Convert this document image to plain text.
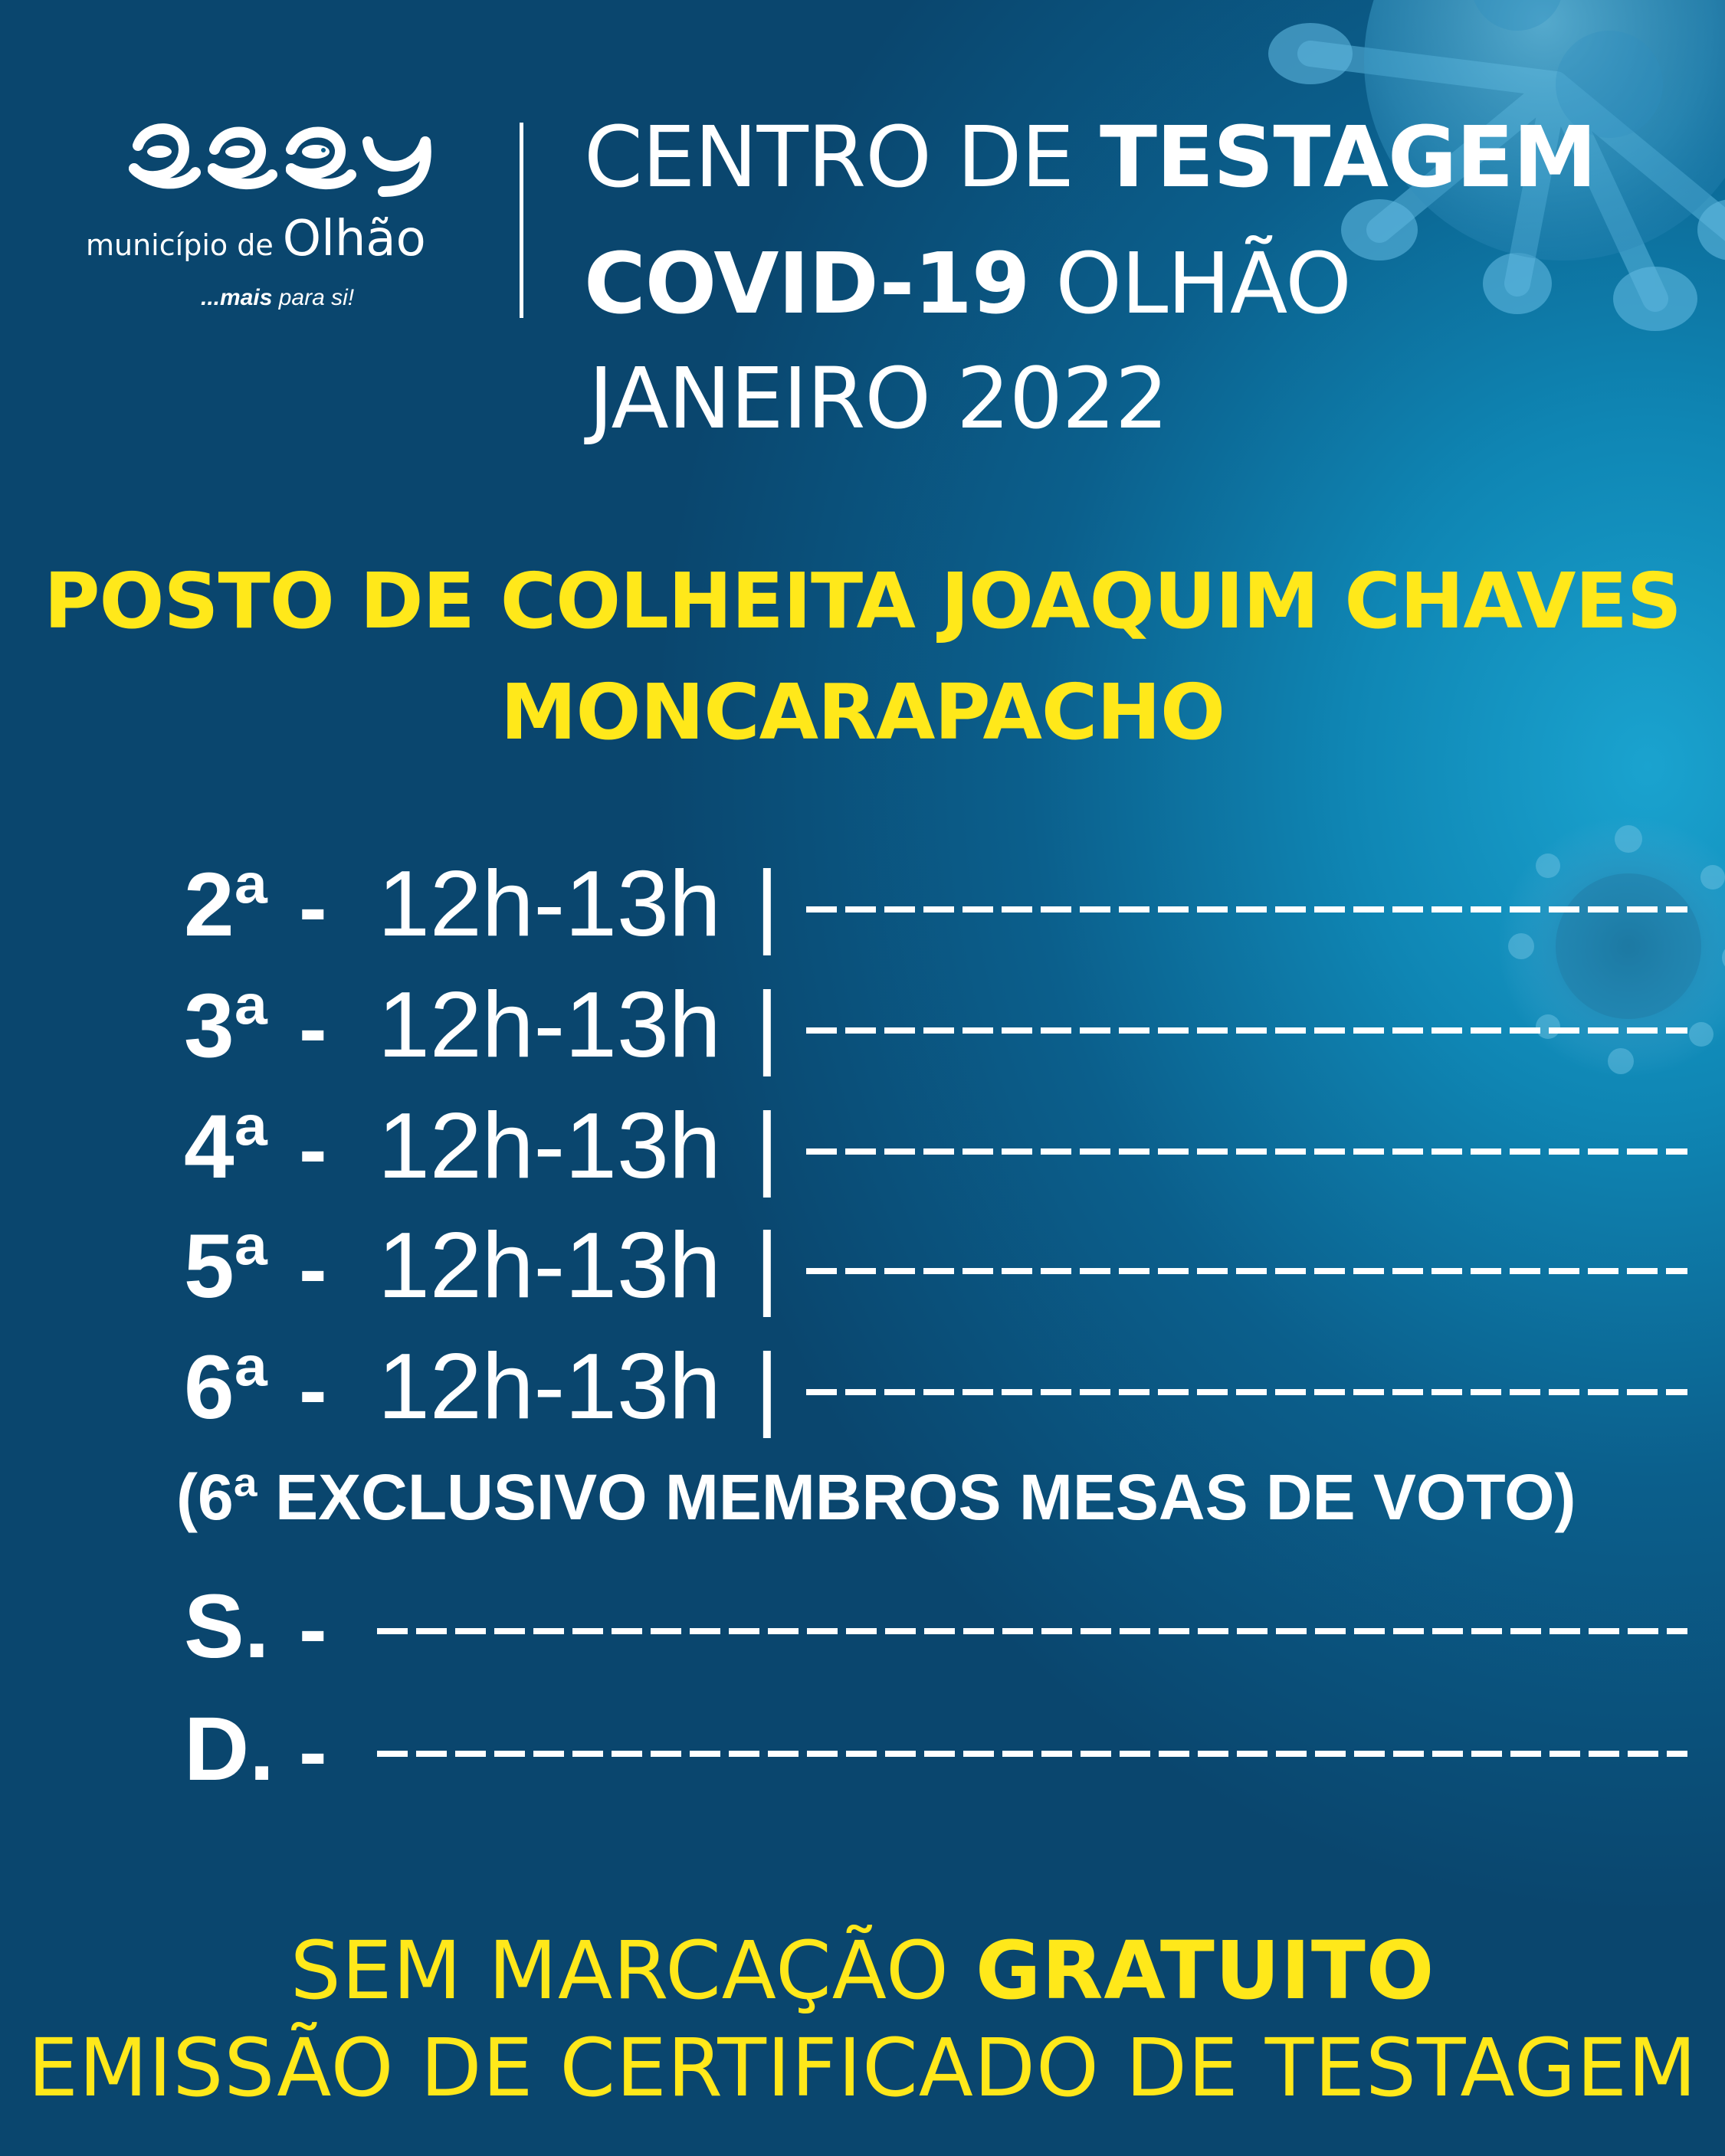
município de Olhão
...mais para si!
CENTRO DE TESTAGEM
COVID-19 OLHÃO
JANEIRO 2022
POSTO DE COLHEITA JOAQUIM CHAVES
MONCARAPACHO
2ª - 12h-13h |
3ª - 12h-13h |
4ª - 12h-13h |
5ª - 12h-13h |
6ª - 12h-13h |
(6ª EXCLUSIVO MEMBROS MESAS DE VOTO)
S. -
D. -
SEM MARCAÇÃO GRATUITO
EMISSÃO DE CERTIFICADO DE TESTAGEM
